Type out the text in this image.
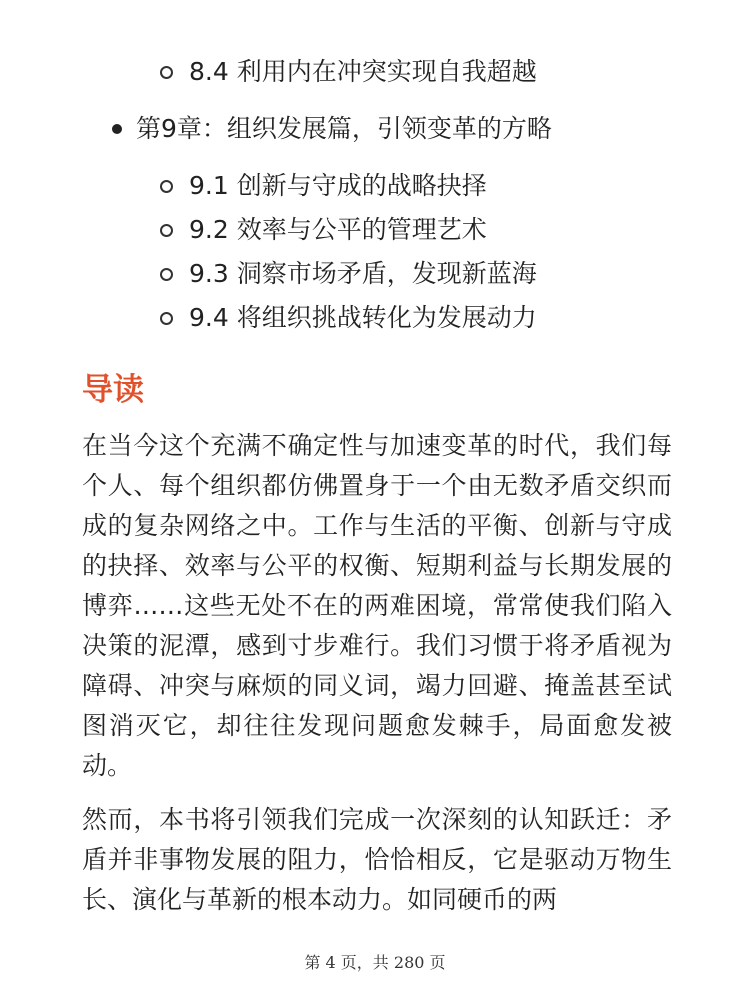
8.4 利用内在冲突实现自我超越
第9章：组织发展篇，引领变革的方略
9.1 创新与守成的战略抉择
9.2 效率与公平的管理艺术
9.3 洞察市场矛盾，发现新蓝海
9.4 将组织挑战转化为发展动力
导读

在当今这个充满不确定性与加速变革的时代，我们每个人、每个组织都仿佛置身于一个由无数矛盾交织而成的复杂网络之中。工作与生活的平衡、创新与守成的抉择、效率与公平的权衡、短期利益与长期发展的博弈……这些无处不在的两难困境，常常使我们陷入决策的泥潭，感到寸步难行。我们习惯于将矛盾视为障碍、冲突与麻烦的同义词，竭力回避、掩盖甚至试图消灭它，却往往发现问题愈发棘手，局面愈发被动。

然而，本书将引领我们完成一次深刻的认知跃迁：矛盾并非事物发展的阻力，恰恰相反，它是驱动万物生长、演化与革新的根本动力。如同硬币的两

第 4 页，共 280 页
